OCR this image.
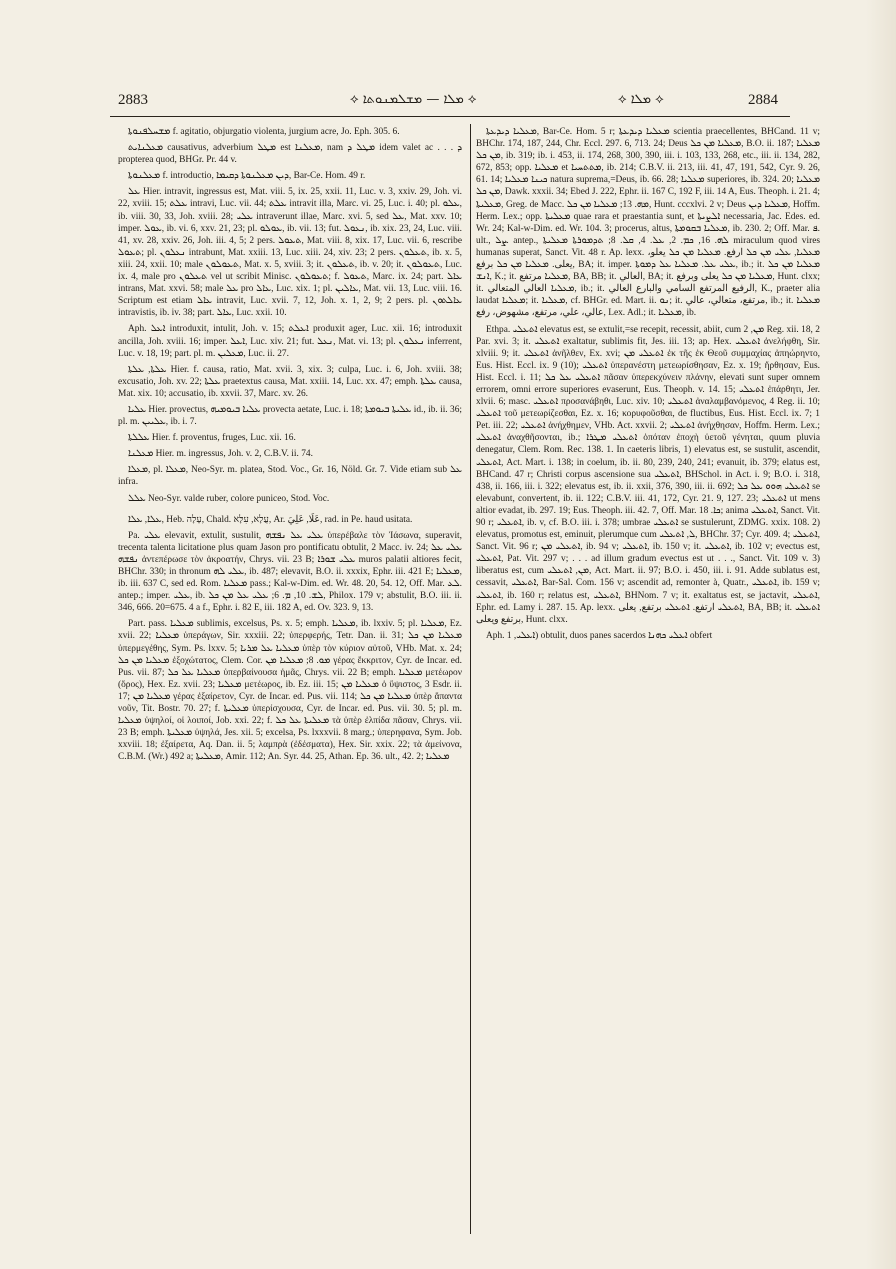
2883	⟡ ܡܠܐ — ܡܫܠܡܢܘܬܐ ⟡	⟡ ܡܠܐ ⟡	2884

ܡܫܚܠܦܢܘܬܐ f. agitatio, objurgatio violenta, jurgium acre, Jo. Eph. 305. 6.

ܡܥܠܢܐܝܬ causativus, adverbium ܡܛܠ est ܡܥܠܢܐ, nam ܡܛܠ ܕ idem valet ac . . . ܕ propterea quod, BHGr. Pr. 44 v.

ܡܥܠܢܘܬܐ f. introductio, ܕܝܢ ܡܥܠܢܘܬܐ ܕܩܝܡܐ, Bar-Ce. Hom. 49 r.

ܥܠ Hier. intravit, ingressus est, Mat. viii. 5, ix. 25, xxii. 11, Luc. v. 3, xxiv. 29, Joh. vi. 22, xviii. 15; ܥܠܬ intravi, Luc. vii. 44; ܥܠܬ intravit illa, Marc. vi. 25, Luc. i. 40; pl. ܥܠܘ, ib. viii. 30, 33, Joh. xviii. 28; ܥܠܝ intraverunt illae, Marc. xvi. 5, sed ܥܠ, Mat. xxv. 10; imper. ܥܘܠ, ib. vi. 6, xxv. 21, 23; pl. ܥܘܠܘ, ib. vii. 13; fut. ܢܥܘܠ, ib. xix. 23, 24, Luc. viii. 41, xv. 28, xxiv. 26, Joh. iii. 4, 5; 2 pers. ܬܥܘܠ, Mat. viii. 8, xix. 17, Luc. vii. 6, rescribe ܬܥܘܠ; pl. ܢܥܠܘܢ intrabunt, Mat. xxiii. 13, Luc. xiii. 24, xiv. 23; 2 pers. ܬܥܠܘܢ, ib. x. 5, xiii. 24, xxii. 10; male ܬܥܘܠܘܢ, Mat. x. 5, xviii. 3; it. ܬܥܠܘܢ, ib. v. 20; it. ܬܥܘܠܘܢ, Luc. ix. 4, male pro ܬܥܠܘܢ vel ut scribit Minisc. ܬܥܘܠܘܢ; f. ܬܥܘܠ, Marc. ix. 24; part. ܥܐܠ intrans, Mat. xxvi. 58; male ܥܠ pro ܥܐܠ, Luc. xix. 1; pl. ܥܐܠܝܢ, Mat. vii. 13, Luc. viii. 16. Scriptum est etiam ܥܐܠ intravit, Luc. xvii. 7, 12, Joh. x. 1, 2, 9; 2 pers. pl. ܥܐܠܬܘܢ intravistis, ib. iv. 38; part. ܥܐܠ, Luc. xxii. 10.

Aph. ܐܥܠ introduxit, intulit, Joh. v. 15; ܐܥܠܬ produxit ager, Luc. xii. 16; introduxit ancilla, Joh. xviii. 16; imper. ܐܥܠ, Luc. xiv. 21; fut. ܢܥܠ, Mat. vi. 13; pl. ܢܥܠܘܢ inferrent, Luc. v. 18, 19; part. pl. m. ܡܥܠܝܢ, Luc. ii. 27.

ܥܠܬܐ, ܥܠܬܐ Hier. f. causa, ratio, Mat. xvii. 3, xix. 3; culpa, Luc. i. 6, Joh. xviii. 38; excusatio, Joh. xv. 22; ܥܠܬܐ praetextus causa, Mat. xxiii. 14, Luc. xx. 47; emph. ܥܠܬܐ causa, Mat. xix. 10; accusatio, ib. xxvii. 37, Marc. xv. 26.

ܥܠܝܐ Hier. provectus, ܥܠܝܐ ܒܝܘܡܝܗ provecta aetate, Luc. i. 18; ܥܠܝܬܐ ܒܝܘܡܬܐ id., ib. ii. 36; pl. m. ܥܠܝܝܢ, ib. i. 7.

ܥܠܠܬܐ Hier. f. proventus, fruges, Luc. xii. 16.

ܡܥܠܢܐ Hier. m. ingressus, Joh. v. 2, C.B.V. ii. 74.

ܡܥܠܐ, pl. ܡܥܠܐ, Neo-Syr. m. platea, Stod. Voc., Gr. 16, Nöld. Gr. 7. Vide etiam sub ܥܠ infra.

ܥܠܠ Neo-Syr. valde ruber, colore puniceo, Stod. Voc.

ܥܠܐ, ܥܠܐ, Heb. עָלָה, Chald. עֲלָא, עִלָּא, Ar. عَلَا, عَلِيَ, rad. in Pe. haud usitata.

Pa. ܥܠܝ elevavit, extulit, sustulit, ܥܠܝ ܥܠ ܢܦܫܗ ὑπερέβαλε τὸν Ἰάσωνα, superavit, trecenta talenta licitatione plus quam Jason pro pontificatu obtulit, 2 Macc. iv. 24; ܥܠܝ ܥܠ ܢܦܫܗ ἀντεπέρωσε τὸν ἀκροατήν, Chrys. vii. 23 B; ܥܠܝ ܫܘܪܐ muros palatii altiores fecit, BHChr. 330; in thronum ܥܠܝ ܠܗ, ib. 487; elevavit, B.O. ii. xxxix, Ephr. iii. 421 E; ܡܥܠܝܐ, ib. iii. 637 C, sed ed. Rom. ܡܥܠܝܐ pass.; Kal-w-Dim. ed. Wr. 48. 20, 54. 12, Off. Mar. ܠܥ. antep.; imper. ܥܠܝ, ib. ܠܫ. 10, ܡ. 6; ܥܠܝ ܥܠ ܡܢ ܟܠ, Philox. 179 v; abstulit, B.O. iii. ii. 346, 666. 20=675. 4 a f., Ephr. i. 82 E, iii. 182 A, ed. Ov. 323. 9, 13.

Part. pass. ܡܥܠܝܐ sublimis, excelsus, Ps. x. 5; emph. ܡܥܠܝܐ, ib. lxxiv. 5; pl. ܡܥܠܝܐ, Ez. xvii. 22; ܡܥܠܝܐ ὑπεράγων, Sir. xxxiii. 22; ὑπερφερής, Tetr. Dan. ii. 31; ܡܥܠܝܐ ܡܢ ܟܠ ὑπερμεγέθης, Sym. Ps. lxxv. 5; ܡܥܠܝܐ ܥܠ ܡܪܝܐ ὑπὲρ τὸν κύριον αὐτοῦ, VHb. Mat. x. 24; ܡܥܠܝܐ ܡܢ ܟܠ ἐξοχώτατος, Clem. Cor. ܡܘ. 8; ܡܥܠܝܐ ܡܢ γέρας ἔκκριτον, Cyr. de Incar. ed. Pus. vii. 87; ܡܥܠܝܐ ܥܠ ܟܠ ὑπερβαίνουσα ἡμᾶς, Chrys. vii. 22 B; emph. ܡܥܠܝܐ μετέωρον (ὄρος), Hex. Ez. xvii. 23; ܡܥܠܝܐ μετέωρος, ib. Ez. iii. 15; ܡܥܠܝܐ ܡܢ ὁ ὕψιστος, 3 Esdr. ii. 17; ܡܥܠܝܐ ܡܢ γέρας ἐξαίρετον, Cyr. de Incar. ed. Pus. vii. 114; ܡܥܠܝܐ ܡܢ ܟܠ ὑπὲρ ἅπαντα νοῦν, Tit. Bostr. 70. 27; f. ܡܥܠܝܬܐ ὑπερίσχουσα, Cyr. de Incar. ed. Pus. vii. 30. 5; pl. m. ܡܥܠܝܐ ὑψηλοί, οἱ λοιποί, Job. xxi. 22; f. ܡܥܠܝܬܐ ܥܠ ܟܠ τὰ ὑπὲρ ἐλπίδα πᾶσαν, Chrys. vii. 23 B; emph. ܡܥܠܝܬܐ ὑψηλά, Jes. xii. 5; excelsa, Ps. lxxxvii. 8 marg.; ὑπερηφανα, Sym. Job. xxviii. 18; ἐξαίρετα, Aq. Dan. ii. 5; λαμπρὰ (ἐδέσματα), Hex. Sir. xxix. 22; τὰ ἀμείνονα, C.B.M. (Wr.) 492 a; ܡܥܠܝܬܐ, Amir. 112; An. Syr. 44. 25, Athan. Ep. 36. ult., 42. 2; ܡܥܠܝܐ

ܡܥܠܝܐ ܕܝܕܥܬܐ, Bar-Ce. Hom. 5 r; ܡܥܠܝܐ ܕܝܕܥܬܐ scientia praecellentes, BHCand. 11 v; BHChr. 174, 187, 244, Chr. Eccl. 297. 6, 713. 24; Deus ܡܥܠܝܐ ܡܢ ܟܠ, B.O. ii. 187; ܡܥܠܝܐ ܡܢ ܟܠ, ib. 319; ib. i. 453, ii. 174, 268, 300, 390, iii. i. 103, 133, 268, etc., iii. ii. 134, 282, 672, 853; opp. ܡܥܠܝܐ et ܡܬܬܚܝܐ, ib. 214; C.B.V. ii. 213, iii. 41, 47, 191, 542, Cyr. 9. 26, 61. 14; ܟܝܢܐ ܡܥܠܝܐ natura suprema,=Deus, ib. 66. 28; ܡܥܠܝܐ superiores, ib. 324. 20; ܡܥܠܝܐ ܡܢ ܟܠ, Dawk. xxxii. 34; Ebed J. 222, Ephr. ii. 167 C, 192 F, iii. 14 A, Eus. Theoph. i. 21. 4; ܡܥܠܝܬܐ, Greg. de Macc. ܡܗ. 13; ܡܥܠܝܐ ܡܢ ܟܠ, Hunt. cccxlvi. 2 v; Deus ܡܥܠܝܐ ܕܝܢ, Hoffm. Herm. Lex.; opp. ܡܥܠܝܬܐ quae rara et praestantia sunt, et ܐܠܨܝܬܐ necessaria, Jac. Edes. ed. Wr. 24; Kal-w-Dim. ed. Wr. 104. 3; procerus, altus, ܡܥܠܝܐ ܒܩܘܡܬܐ, ib. 230. 2; Off. Mar. ܦ. ult., ܨܠ. antep., ܠܗ. 16, ܟܡ. 2, ܥܠ. 4, ܩܠ. 8; ܬܕܡܘܪܬܐ ܡܥܠܝܬܐ miraculum quod vires humanas superat, Sanct. Vit. 48 r. Ap. lexx. ܡܥܠܝܐ, ܥܠܝ ܡܢ ܟܠ ارفع. ܡܥܠܝܐ ܡܢ ܟܠ يعلو، يعلى. ܡܥܠܝܐ ܡܢ ܟܠ برفع, BA; it. imper. ܥܠܝ ܥܠ. ܡܥܠܝܐ ܥܠ ܕܡܘܬܐ, ib.; it. ܡܥܠܝܐ ܡܢ ܟܠ ܐܢܫ, K.; it. ܡܥܠܝܐ مرتفع, BA, BB; it. العالي, BA; it. ܡܥܠܝܐ ܡܢ ܟܠ يعلى وبرفع, Hunt. clxx; it. ܡܥܠܝܐ العالي المتعالي, ib.; it. الرفيع المرتفع السامي والبارع العالي, K., praeter alia laudat ܡܥܠܝܐ; it. ܡܥܠܝܐ, cf. BHGr. ed. Mart. ii. ܢܘ; it. مرتفع، متعالي، عالي, ib.; it. ܡܥܠܝܐ عالي، علي، مرتفع، مشهوض، رفع, Lex. Adl.; it. ܡܥܠܝܐ, ib.

Ethpa. ܐܬܥܠܝ elevatus est, se extulit,=se recepit, recessit, abiit, cum ܡܢ, 2 Reg. xii. 18, 2 Par. xvi. 3; it. ܐܬܥܠܝ exaltatur, sublimis fit, Jes. iii. 13; ap. Hex. ܐܬܥܠܝ ἀνελήφθη, Sir. xlviii. 9; it. ܐܬܥܠܝ ἀνῆλθεν, Ex. xvi; ܐܬܥܠܝ ܡܢ ἐκ τῆς ἐκ Θεοῦ συμμαχίας ἀπηώρηντο, Eus. Hist. Eccl. ix. 9 (10); ܐܬܥܠܝ ὑπερανέστη μετεωρίσθησαν, Ez. x. 19; ἤρθησαν, Eus. Hist. Eccl. i. 11; ܐܬܥܠܝ ܥܠ ܟܠ πᾶσαν ὑπερεκχύνειν πλάνην, elevati sunt super omnem errorem, omni errore superiores evaserunt, Eus. Theoph. v. 14. 15; ܐܬܥܠܝ ἐπάρθητι, Jer. xlvii. 6; masc. ܐܬܥܠܝ προσανάβηθι, Luc. xiv. 10; ܐܬܥܠܝ ἀναλαμβανόμενος, 4 Reg. ii. 10; ܐܬܥܠܝ τοῦ μετεωρίζεσθαι, Ez. x. 16; κορυφοῦσθαι, de fluctibus, Eus. Hist. Eccl. ix. 7; 1 Pet. iii. 22; ܐܬܥܠܝ ἀνήχθημεν, VHb. Act. xxvii. 2; ܐܬܥܠܝ ἀνήχθησαν, Hoffm. Herm. Lex.; ܐܬܥܠܝ ἀναχθῆσονται, ib.; ܐܬܥܠܝ ܡܛܪܐ ὁπόταν ἐποχὴ ὑετοῦ γένηται, quum pluvia denegatur, Clem. Rom. Rec. 138. 1. In caeteris libris, 1) elevatus est, se sustulit, ascendit, ܐܬܥܠܝ, Act. Mart. i. 138; in coelum, ib. ii. 80, 239, 240, 241; evanuit, ib. 379; elatus est, BHCand. 47 r; Christi corpus ascensione sua ܐܬܥܠܝ, BHSchol. in Act. i. 9; B.O. i. 318, 438, ii. 166, iii. i. 322; elevatus est, ib. ii. xxii, 376, 390, iii. ii. 692; ܐܬܥܠܝ ܗܘܘ ܥܠ ܟܠ se elevabunt, convertent, ib. ii. 122; C.B.V. iii. 41, 172, Cyr. 21. 9, 127. 23; ܐܬܥܠܝ ut mens altior evadat, ib. 297. 19; Eus. Theoph. iii. 42. 7, Off. Mar. ܟܐ. 18; anima ܐܬܥܠܝ, Sanct. Vit. 90 r; ܐܬܥܠܝ, ib. v, cf. B.O. iii. i. 378; umbrae ܐܬܥܠܝ se sustulerunt, ZDMG. xxix. 108. 2) elevatus, promotus est, eminuit, plerumque cum ܠ, ܐܬܥܠܝ, BHChr. 37; Cyr. 409. 4; ܐܬܥܠܝ, Sanct. Vit. 96 r; ܐܬܥܠܝ ܡܢ, ib. 94 v; ܐܬܥܠܝ, ib. 150 v; it. ܐܬܥܠܝ, ib. 102 v; evectus est, ܐܬܥܠܝ, Pat. Vit. 297 v; . . . ad illum gradum evectus est ut . . ., Sanct. Vit. 109 v. 3) liberatus est, cum ܡܢ, ܐܬܥܠܝ, Act. Mart. ii. 97; B.O. i. 450, iii. i. 91. Adde sublatus est, cessavit, ܐܬܥܠܝ, Bar-Sal. Com. 156 v; ascendit ad, remonter à, Quatr., ܐܬܥܠܝ, ib. 159 v; ܐܬܥܠܝ, ib. 160 r; relatus est, ܐܬܥܠܝ, BHNom. 7 v; it. exaltatus est, se jactavit, ܐܬܥܠܝ, Ephr. ed. Lamy i. 287. 15. Ap. lexx. ܐܬܥܠܝ ارتفع. ܐܬܥܠܝ برتفع, يعلى, BA, BB; it. ܐܬܥܠܝ برتفع ويعلى, Hunt. clxx.

Aph. ܐܥܠܝ, 1) obtulit, duos panes sacerdos ܐܥܠܝ ܟܗܢܐ obfert
